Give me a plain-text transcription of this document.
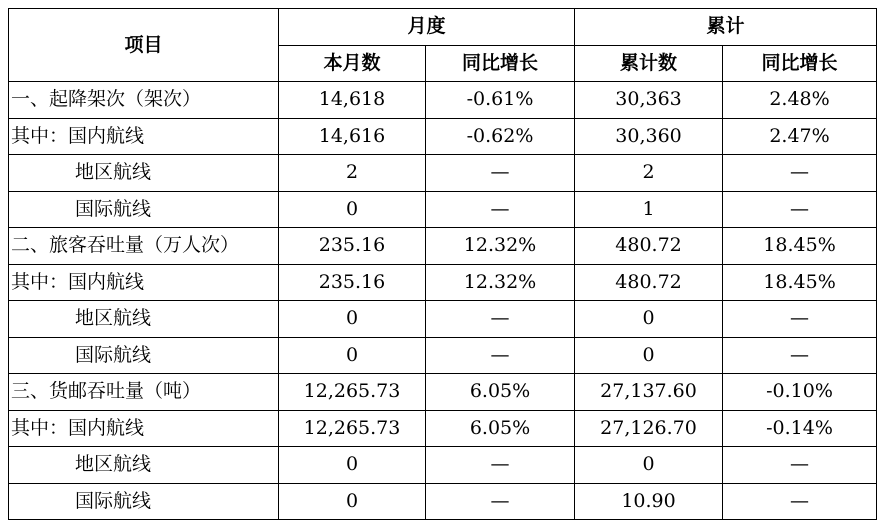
项目	月度		累计	
	本月数	同比增长	累计数	同比增长
一、起降架次（架次）	14,618	-0.61%	30,363	2.48%
其中：国内航线	14,616	-0.62%	30,360	2.47%
地区航线	2	—	2	—
国际航线	0	—	1	—
二、旅客吞吐量（万人次）	235.16	12.32%	480.72	18.45%
其中：国内航线	235.16	12.32%	480.72	18.45%
地区航线	0	—	0	—
国际航线	0	—	0	—
三、货邮吞吐量（吨）	12,265.73	6.05%	27,137.60	-0.10%
其中：国内航线	12,265.73	6.05%	27,126.70	-0.14%
地区航线	0	—	0	—
国际航线	0	—	10.90	—
